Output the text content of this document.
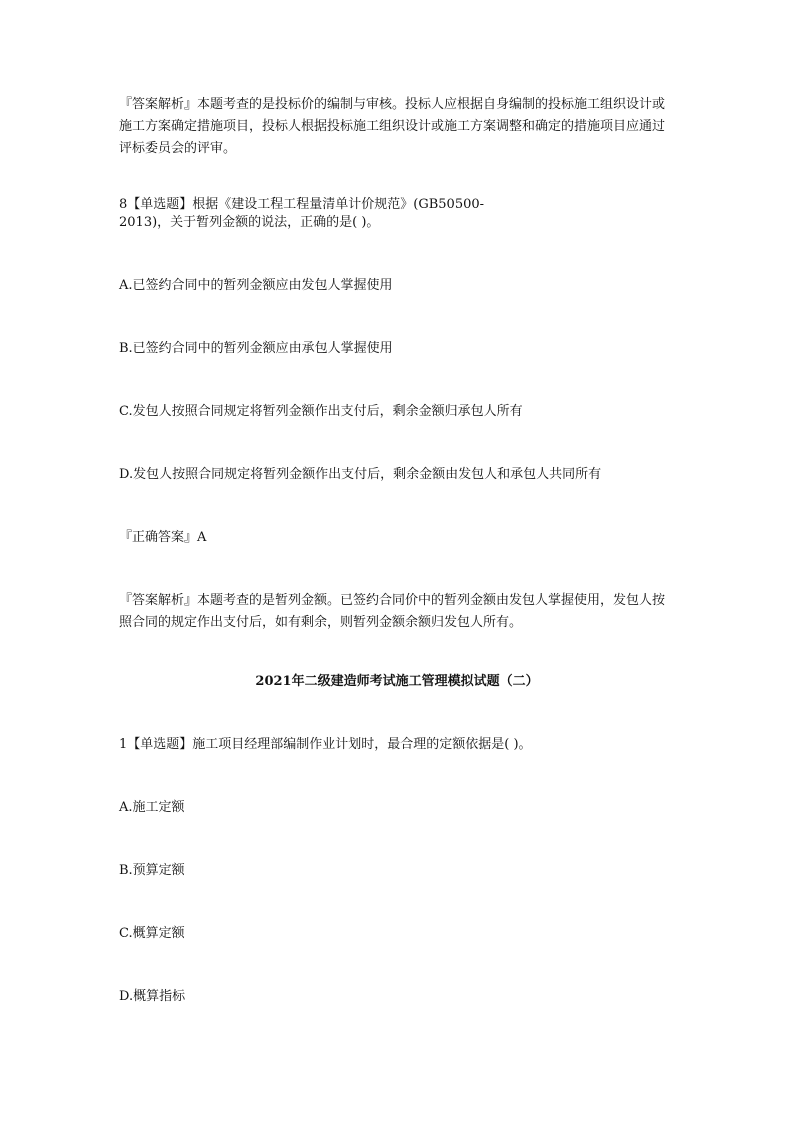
『答案解析』本题考查的是投标价的编制与审核。投标人应根据自身编制的投标施工组织设计或施工方案确定措施项目，投标人根据投标施工组织设计或施工方案调整和确定的措施项目应通过评标委员会的评审。

8【单选题】根据《建设工程工程量清单计价规范》(GB50500-

2013)，关于暂列金额的说法，正确的是( )。

A.已签约合同中的暂列金额应由发包人掌握使用

B.已签约合同中的暂列金额应由承包人掌握使用

C.发包人按照合同规定将暂列金额作出支付后，剩余金额归承包人所有

D.发包人按照合同规定将暂列金额作出支付后，剩余金额由发包人和承包人共同所有

『正确答案』A

『答案解析』本题考查的是暂列金额。已签约合同价中的暂列金额由发包人掌握使用，发包人按照合同的规定作出支付后，如有剩余，则暂列金额余额归发包人所有。

2021年二级建造师考试施工管理模拟试题（二）

1【单选题】施工项目经理部编制作业计划时，最合理的定额依据是( )。

A.施工定额

B.预算定额

C.概算定额

D.概算指标
